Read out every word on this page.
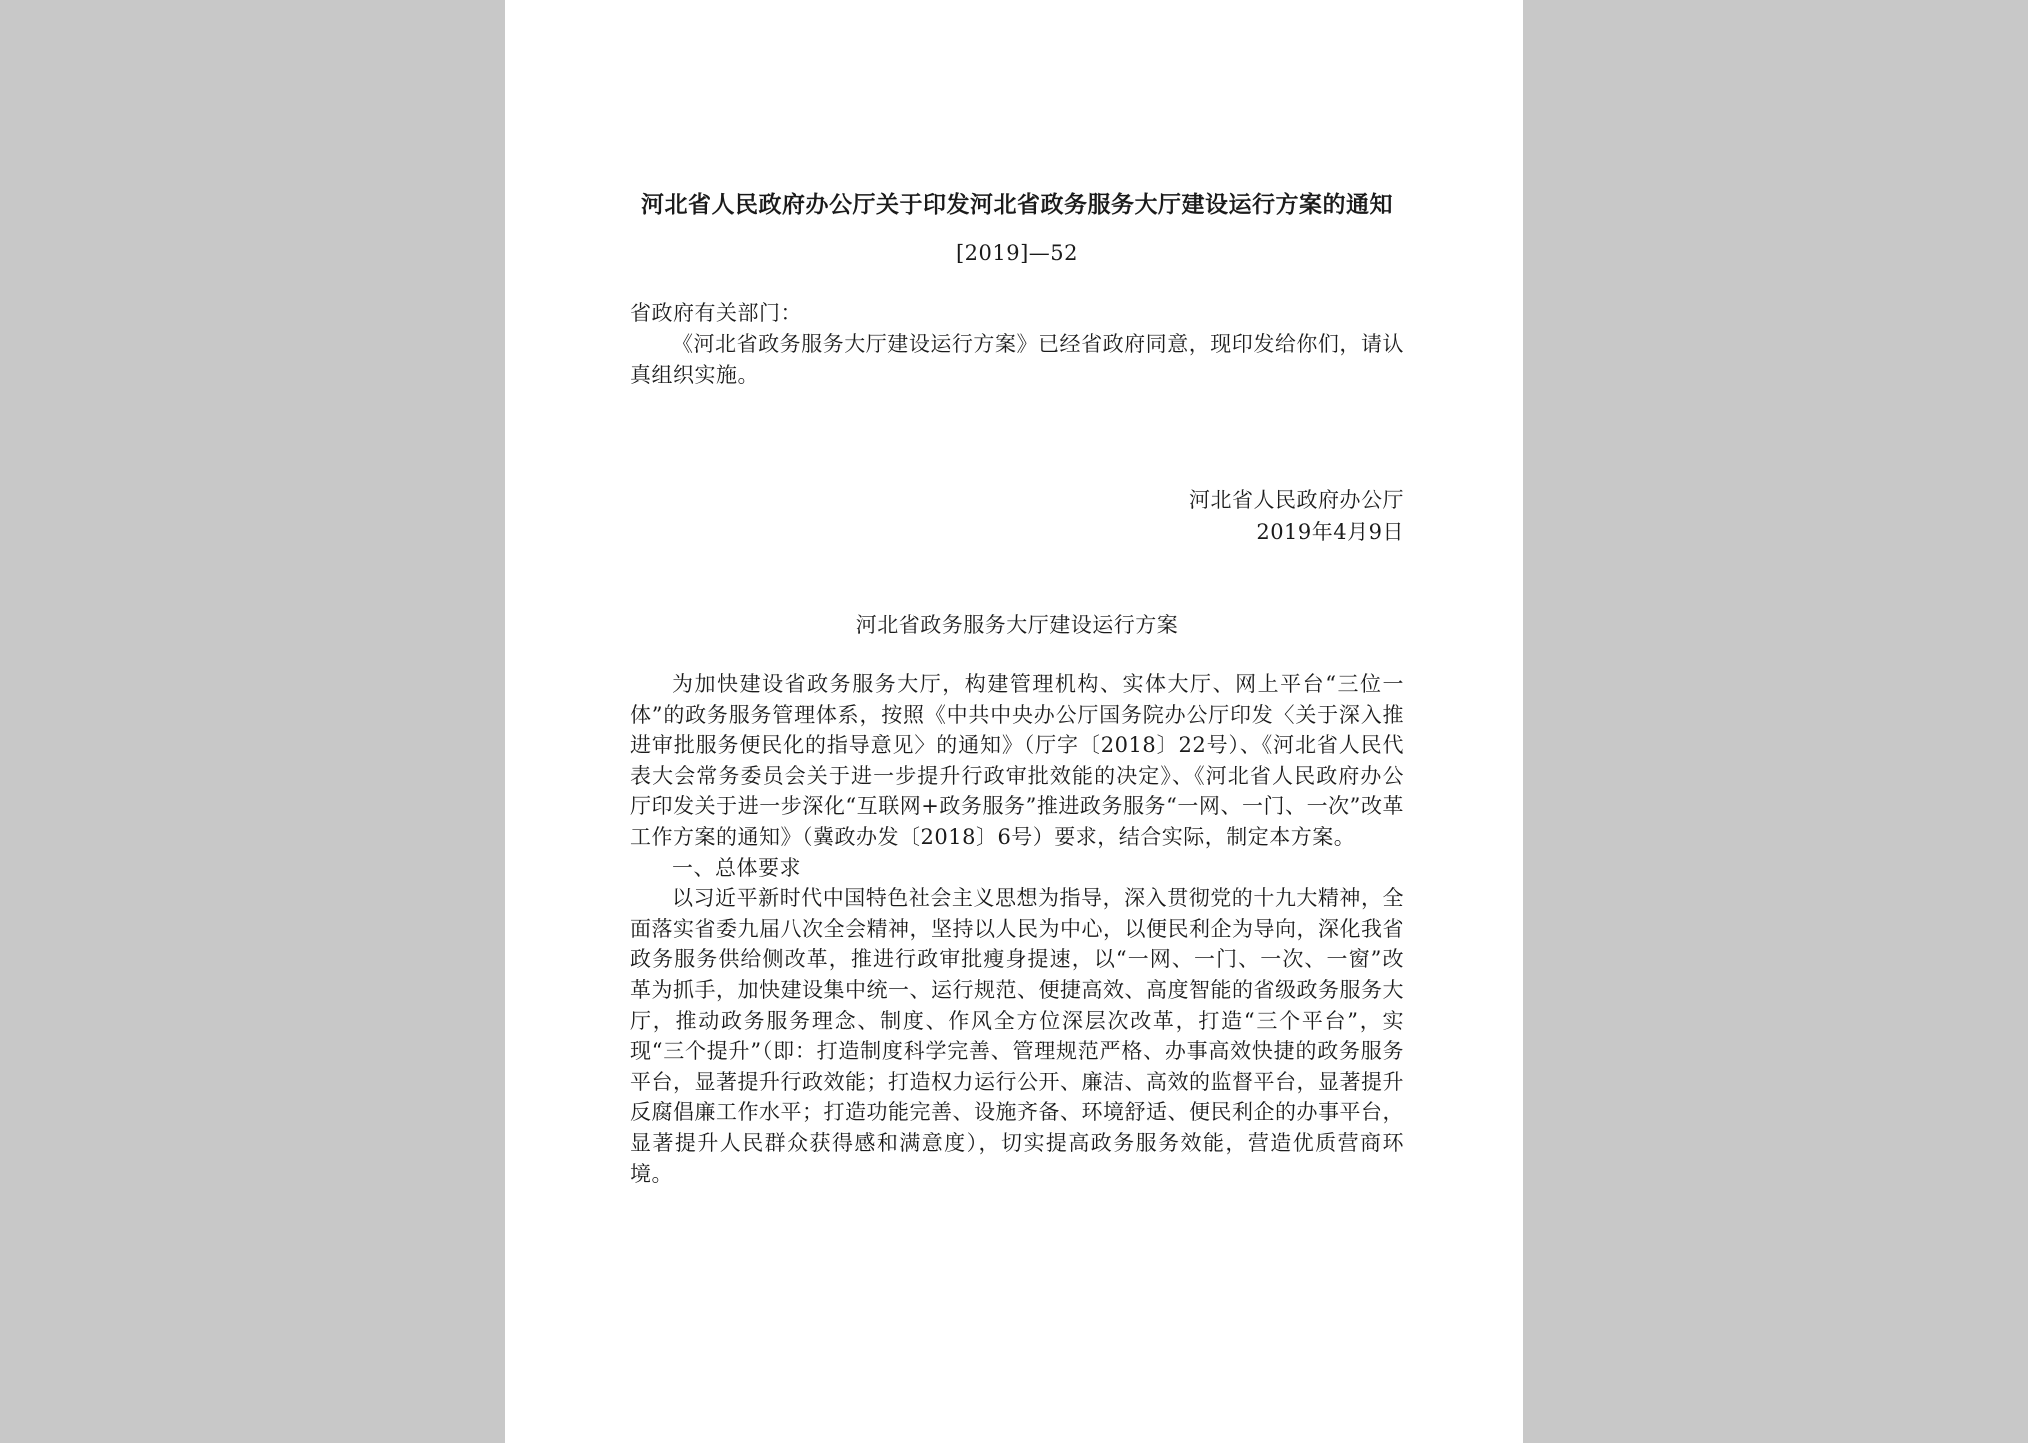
河北省人民政府办公厅关于印发河北省政务服务大厅建设运行方案的通知
[2019]—52
省政府有关部门：

《河北省政务服务大厅建设运行方案》已经省政府同意，现印发给你们，请认真组织实施。

河北省人民政府办公厅
2019年4月9日
河北省政务服务大厅建设运行方案

为加快建设省政务服务大厅，构建管理机构、实体大厅、网上平台“三位一体”的政务服务管理体系，按照《中共中央办公厅国务院办公厅印发〈关于深入推进审批服务便民化的指导意见〉的通知》（厅字〔2018〕22号）、《河北省人民代表大会常务委员会关于进一步提升行政审批效能的决定》、《河北省人民政府办公厅印发关于进一步深化“互联网+政务服务”推进政务服务“一网、一门、一次”改革工作方案的通知》（冀政办发〔2018〕6号）要求，结合实际，制定本方案。

一、总体要求

以习近平新时代中国特色社会主义思想为指导，深入贯彻党的十九大精神，全面落实省委九届八次全会精神，坚持以人民为中心，以便民利企为导向，深化我省政务服务供给侧改革，推进行政审批瘦身提速，以“一网、一门、一次、一窗”改革为抓手，加快建设集中统一、运行规范、便捷高效、高度智能的省级政务服务大厅，推动政务服务理念、制度、作风全方位深层次改革，打造“三个平台”，实现“三个提升”（即：打造制度科学完善、管理规范严格、办事高效快捷的政务服务平台，显著提升行政效能；打造权力运行公开、廉洁、高效的监督平台，显著提升反腐倡廉工作水平；打造功能完善、设施齐备、环境舒适、便民利企的办事平台，显著提升人民群众获得感和满意度），切实提高政务服务效能，营造优质营商环境。
